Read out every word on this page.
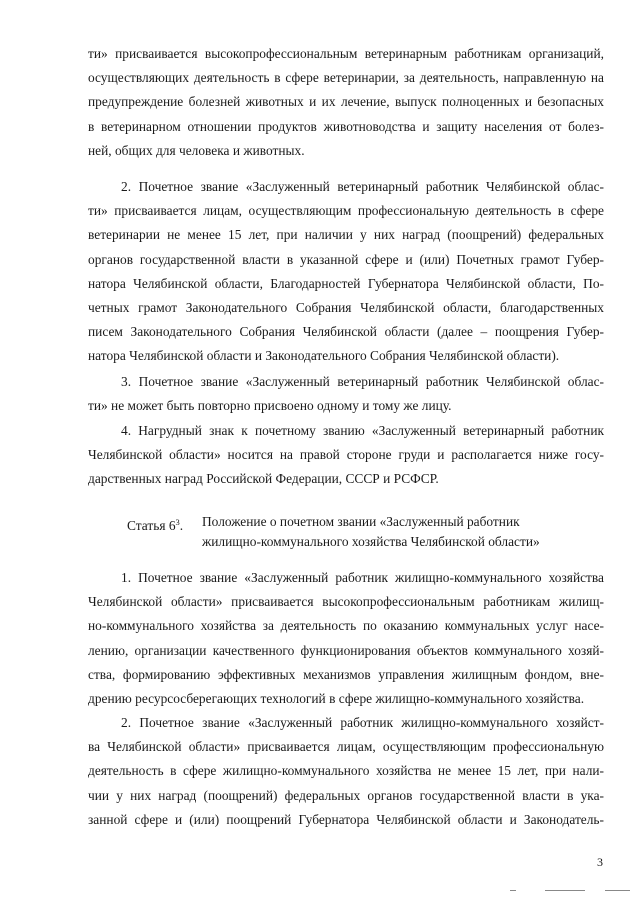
ти» присваивается высокопрофессиональным ветеринарным работникам организаций,
осуществляющих деятельность в сфере ветеринарии, за деятельность, направленную на
предупреждение болезней животных и их лечение, выпуск полноценных и безопасных
в ветеринарном отношении продуктов животноводства и защиту населения от болез-
ней, общих для человека и животных.
2. Почетное звание «Заслуженный ветеринарный работник Челябинской облас-
ти» присваивается лицам, осуществляющим профессиональную деятельность в сфере
ветеринарии не менее 15 лет, при наличии у них наград (поощрений) федеральных
органов государственной власти в указанной сфере и (или) Почетных грамот Губер-
натора Челябинской области, Благодарностей Губернатора Челябинской области, По-
четных грамот Законодательного Собрания Челябинской области, благодарственных
писем Законодательного Собрания Челябинской области (далее – поощрения Губер-
натора Челябинской области и Законодательного Собрания Челябинской области).
3. Почетное звание «Заслуженный ветеринарный работник Челябинской облас-
ти» не может быть повторно присвоено одному и тому же лицу.
4. Нагрудный знак к почетному званию «Заслуженный ветеринарный работник
Челябинской области» носится на правой стороне груди и располагается ниже госу-
дарственных наград Российской Федерации, СССР и РСФСР.
Статья $6^3$. Положение о почетном звании «Заслуженный работник
жилищно-коммунального хозяйства Челябинской области»
1. Почетное звание «Заслуженный работник жилищно-коммунального хозяйства
Челябинской области» присваивается высокопрофессиональным работникам жилищ-
но-коммунального хозяйства за деятельность по оказанию коммунальных услуг насе-
лению, организации качественного функционирования объектов коммунального хозяй-
ства, формированию эффективных механизмов управления жилищным фондом, вне-
дрению ресурсосберегающих технологий в сфере жилищно-коммунального хозяйства.
2. Почетное звание «Заслуженный работник жилищно-коммунального хозяйст-
ва Челябинской области» присваивается лицам, осуществляющим профессиональную
деятельность в сфере жилищно-коммунального хозяйства не менее 15 лет, при нали-
чии у них наград (поощрений) федеральных органов государственной власти в ука-
занной сфере и (или) поощрений Губернатора Челябинской области и Законодатель-
3
